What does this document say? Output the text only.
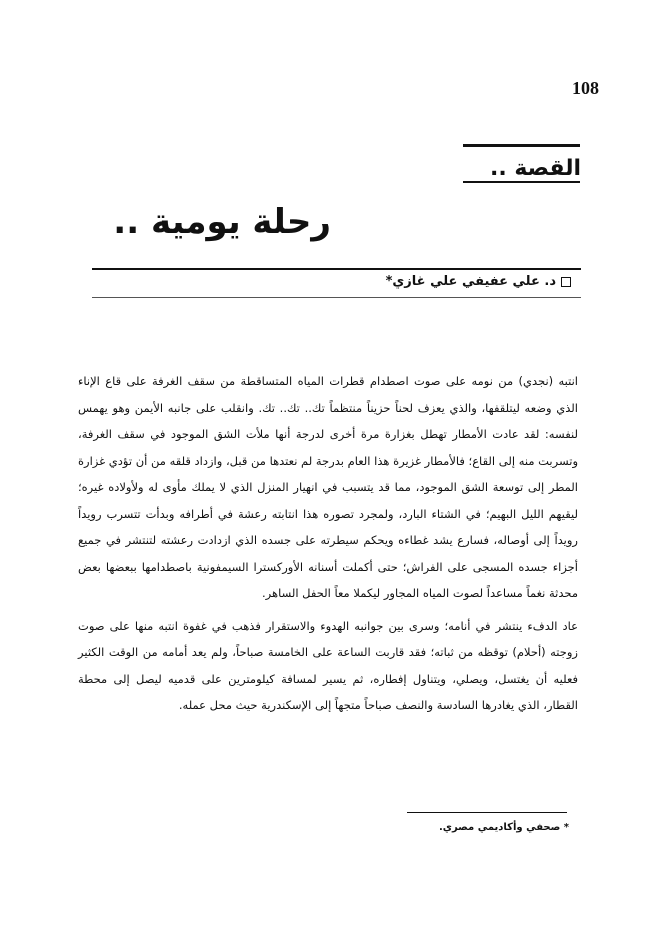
108
القصة ..
رحلة يومية ..
د. علي عفيفي علي غازي*

انتبه (نجدي) من نومه على صوت اصطدام قطرات المياه المتساقطة من سقف الغرفة على قاع الإناء الذي وضعه ليتلقفها، والذي يعزف لحناً حزيناً منتظماً تك.. تك.. تك. وانقلب على جانبه الأيمن وهو يهمس لنفسه: لقد عادت الأمطار تهطل بغزارة مرة أخرى لدرجة أنها ملأت الشق الموجود في سقف الغرفة، وتسربت منه إلى القاع؛ فالأمطار غزيرة هذا العام بدرجة لم نعتدها من قبل، وازداد قلقه من أن تؤدي غزارة المطر إلى توسعة الشق الموجود، مما قد يتسبب في انهيار المنزل الذي لا يملك مأوى له ولأولاده غيره؛ ليقيهم الليل البهيم؛ في الشتاء البارد، ولمجرد تصوره هذا انتابته رعشة في أطرافه وبدأت تتسرب رويداً رويداً إلى أوصاله، فسارع يشد غطاءه ويحكم سيطرته على جسده الذي ازدادت رعشته لتنتشر في جميع أجزاء جسده المسجى على الفراش؛ حتى أكملت أسنانه الأوركسترا السيمفونية باصطدامها ببعضها بعض محدثة نغماً مساعداً لصوت المياه المجاور ليكملا معاً الحفل الساهر.

عاد الدفء ينتشر في أنامه؛ وسرى بين جوانبه الهدوء والاستقرار فذهب في غفوة انتبه منها على صوت زوجته (أحلام) توقظه من ثباته؛ فقد قاربت الساعة على الخامسة صباحاً، ولم يعد أمامه من الوقت الكثير فعليه أن يغتسل، ويصلي، ويتناول إفطاره، ثم يسير لمسافة كيلومترين على قدميه ليصل إلى محطة القطار، الذي يغادرها السادسة والنصف صباحاً متجهاً إلى الإسكندرية حيث محل عمله.

* صحفي وأكاديمي مصري.
